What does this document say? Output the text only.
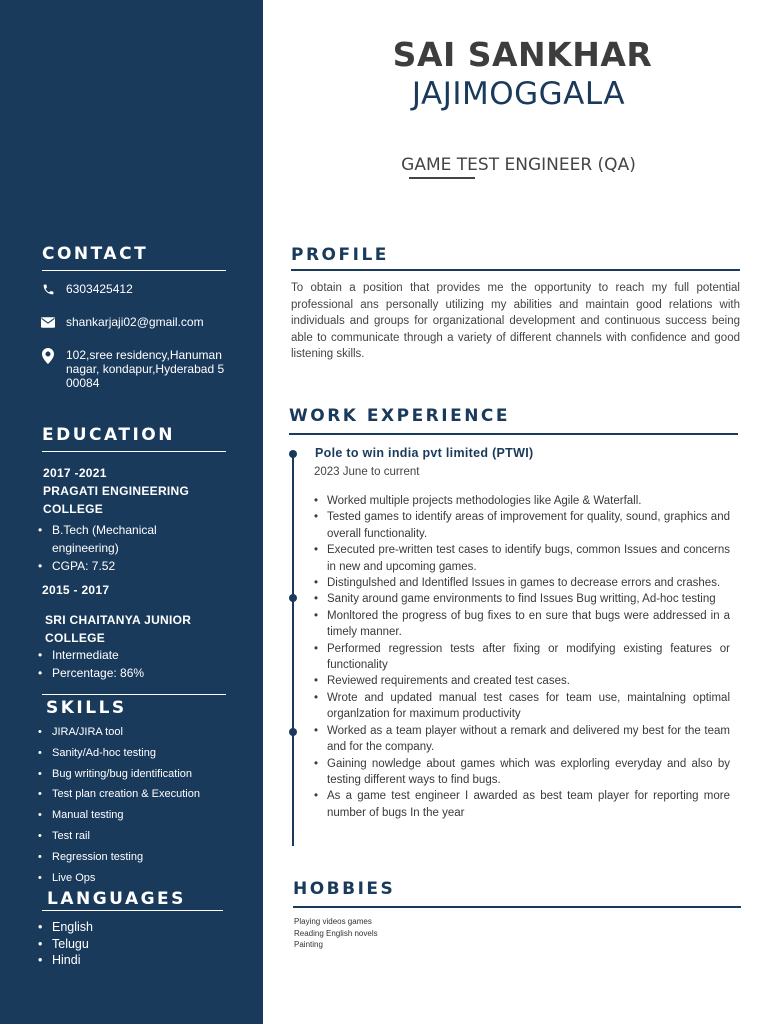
CONTACT
6303425412
shankarjaji02@gmail.com
102,sree residency,Hanuman nagar, kondapur,Hyderabad 500084
EDUCATION
2017 -2021
PRAGATI ENGINEERING COLLEGE
• B.Tech (Mechanical engineering)
• CGPA: 7.52
2015 - 2017
SRI CHAITANYA JUNIOR COLLEGE
• Intermediate
• Percentage: 86%
SKILLS
• JIRA/JIRA tool
• Sanity/Ad-hoc testing
• Bug writing/bug identification
• Test plan creation & Execution
• Manual testing
• Test rail
• Regression testing
• Live Ops
LANGUAGES
• English
• Telugu
• Hindi
SAI SANKHAR
JAJIMOGGALA
GAME TEST ENGINEER (QA)
PROFILE
To obtain a position that provides me the opportunity to reach my full potential professional ans personally utilizing my abilities and maintain good relations with individuals and groups for organizational development and continuous success being able to communicate through a variety of different channels with confidence and good listening skills.
WORK EXPERIENCE
Pole to win india pvt limited (PTWI)
2023 June to current
• Worked multiple projects methodologies like Agile & Waterfall.
• Tested games to identify areas of improvement for quality, sound, graphics and overall functionality.
• Executed pre-written test cases to identify bugs, common Issues and concerns in new and upcoming games.
• Distingulshed and Identifled Issues in games to decrease errors and crashes.
• Sanity around game environments to find Issues Bug writting, Ad-hoc testing
• Monltored the progress of bug fixes to en sure that bugs were addressed in a timely manner.
• Performed regression tests after fixing or modifying existing features or functionality
• Reviewed requirements and created test cases.
• Wrote and updated manual test cases for team use, maintalning optimal organlzation for maximum productivity
• Worked as a team player without a remark and delivered my best for the team and for the company.
• Gaining nowledge about games which was explorling everyday and also by testing different ways to find bugs.
• As a game test engineer I awarded as best team player for reporting more number of bugs In the year
HOBBIES
Playing videos games
Reading English novels
Painting
